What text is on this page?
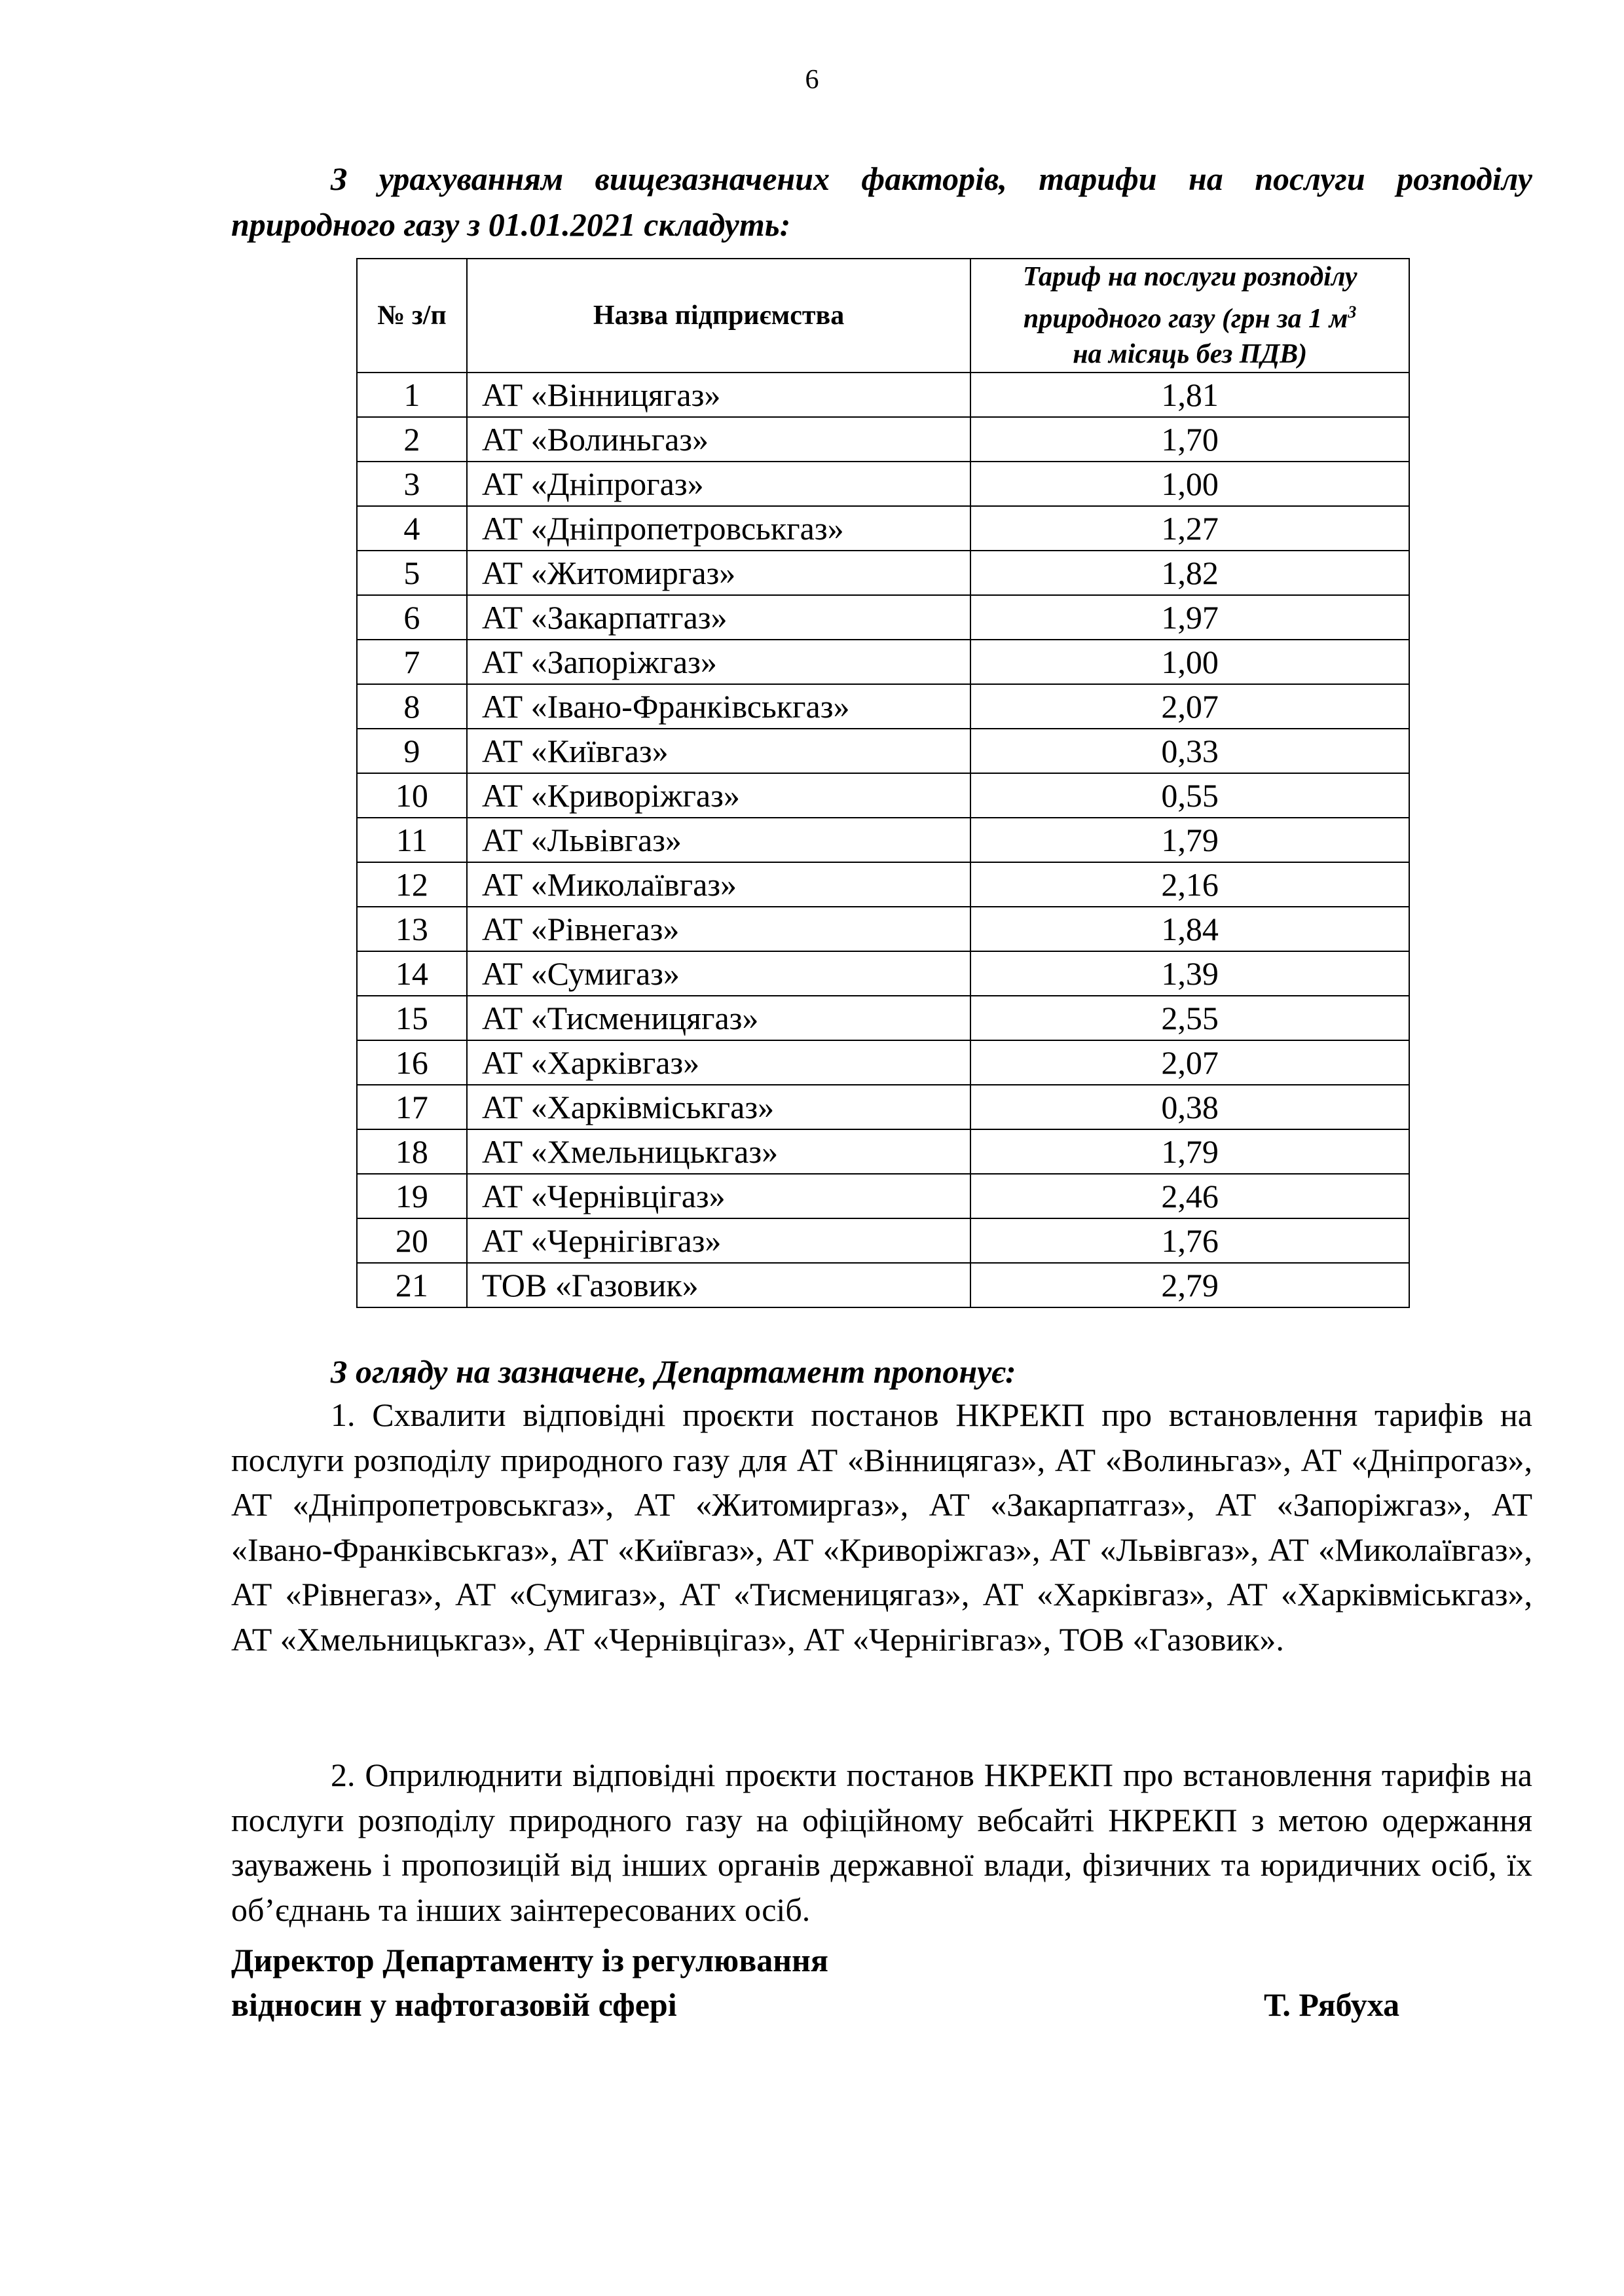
6

З урахуванням вищезазначених факторів, тарифи на послуги розподілу природного газу з 01.01.2021 складуть:

№ з/п	Назва підприємства	Тариф на послуги розподілу природного газу (грн за 1 $м^3$
на місяць без ПДВ)
1	АТ «Вінницягаз»	1,81
2	АТ «Волиньгаз»	1,70
3	АТ «Дніпрогаз»	1,00
4	АТ «Дніпропетровськгаз»	1,27
5	АТ «Житомиргаз»	1,82
6	АТ «Закарпатгаз»	1,97
7	АТ «Запоріжгаз»	1,00
8	АТ «Івано-Франківськгаз»	2,07
9	АТ «Київгаз»	0,33
10	АТ «Криворіжгаз»	0,55
11	АТ «Львівгаз»	1,79
12	АТ «Миколаївгаз»	2,16
13	АТ «Рівнегаз»	1,84
14	АТ «Сумигаз»	1,39
15	АТ «Тисменицягаз»	2,55
16	АТ «Харківгаз»	2,07
17	АТ «Харківміськгаз»	0,38
18	АТ «Хмельницькгаз»	1,79
19	АТ «Чернівцігаз»	2,46
20	АТ «Чернігівгаз»	1,76
21	ТОВ «Газовик»	2,79
З огляду на зазначене, Департамент пропонує:

1. Схвалити відповідні проєкти постанов НКРЕКП про встановлення тарифів на послуги розподілу природного газу для АТ «Вінницягаз», АТ «Волиньгаз», АТ «Дніпрогаз», АТ «Дніпропетровськгаз», АТ «Житомиргаз», АТ «Закарпатгаз», АТ «Запоріжгаз», АТ «Івано-Франківськгаз», АТ «Київгаз», АТ «Криворіжгаз», АТ «Львівгаз», АТ «Миколаївгаз», АТ «Рівнегаз», АТ «Сумигаз», АТ «Тисменицягаз», АТ «Харківгаз», АТ «Харківміськгаз», АТ «Хмельницькгаз», АТ «Чернівцігаз», АТ «Чернігівгаз», ТОВ «Газовик».

2. Оприлюднити відповідні проєкти постанов НКРЕКП про встановлення тарифів на послуги розподілу природного газу на офіційному вебсайті НКРЕКП з метою одержання зауважень і пропозицій від інших органів державної влади, фізичних та юридичних осіб, їх об’єднань та інших заінтересованих осіб.

Директор Департаменту із регулювання
відносин у нафтогазовій сфері	Т. Рябуха
